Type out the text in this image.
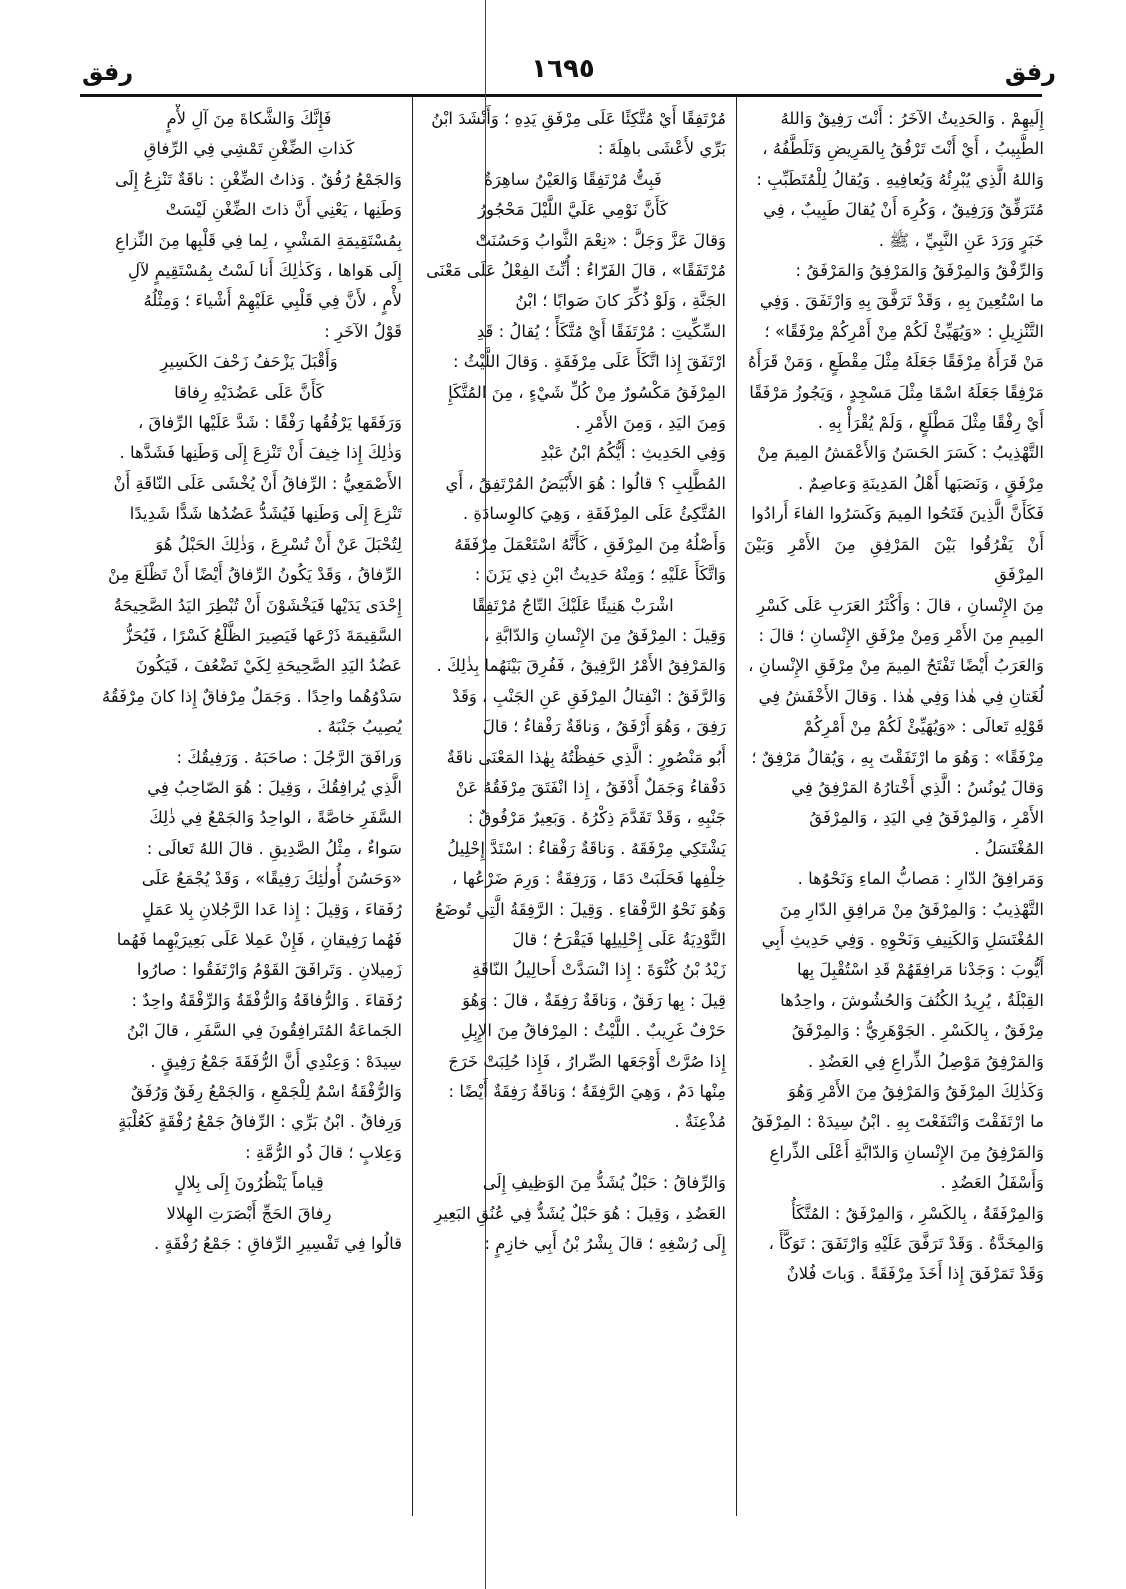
رفق
١٦٩٥
رفق

إِلَيهِمْ . وَالحَدِيثُ الآخَرُ : أَنْتَ رَفِيقٌ وَاللهُ

الطَّبِيبُ ، أَيْ أَنْتَ تَرْفُقُ بِالمَرِيضِ وَتَلَطَّفُهُ ،

وَاللهُ الَّذِي يُبْرِئُهُ وَيُعافِيهِ . وَيُقالُ لِلْمُتَطَبِّبِ :

مُتَرَفِّقٌ وَرَفِيقٌ ، وَكُرِهَ أَنْ يُقالَ طَبِيبٌ ، فِي

خَبَرٍ وَرَدَ عَنِ النَّبِيِّ ، ﷺ .

وَالرِّفْقُ وَالمِرْفَقُ وَالمَرْفِقُ وَالمَرْفَقُ :

ما اسْتُعِينَ بِهِ ، وَقَدْ تَرَفَّقَ بِهِ وَارْتَفَقَ . وَفِي

التَّنْزِيلِ : «وَيُهَيِّئْ لَكُمْ مِنْ أَمْرِكُمْ مِرْفَقًا» ؛

مَنْ قَرَأَهُ مِرْفَقًا جَعَلَهُ مِثْلَ مِقْطَعٍ ، وَمَنْ قَرَأَهُ

مَرْفِقًا جَعَلَهُ اسْمًا مِثْلَ مَسْجِدٍ ، وَيَجُوزُ مَرْفَقًا

أَيْ رِفْقًا مِثْلَ مَطْلَعٍ ، وَلَمْ يُقْرَأْ بِهِ .

التَّهْذِيبُ : كَسَرَ الحَسَنُ وَالأَعْمَشُ المِيمَ مِنْ

مِرْفَقٍ ، وَنَصَبَها أَهْلُ المَدِينَةِ وَعاصِمٌ .

فَكَأَنَّ الَّذِينَ فَتَحُوا المِيمَ وَكَسَرُوا الفاءَ أَرادُوا

أَنْ يَفْرُقُوا بَيْنَ المَرْفِقِ مِنَ الأَمْرِ وَبَيْنَ المِرْفَقِ

مِنَ الإِنْسانِ ، قالَ : وَأَكْثَرُ العَرَبِ عَلَى كَسْرِ

المِيمِ مِنَ الأَمْرِ وَمِنْ مِرْفَقِ الإِنْسانِ ؛ قالَ :

وَالعَرَبُ أَيْضًا تَفْتَحُ المِيمَ مِنْ مِرْفَقِ الإِنْسانِ ،

لُغَتانِ فِي هٰذا وَفِي هٰذا . وَقالَ الأَخْفَشُ فِي

قَوْلِهِ تَعالَى : «وَيُهَيِّئْ لَكُمْ مِنْ أَمْرِكُمْ

مِرْفَقًا» : وَهُوَ ما ارْتَفَقْتَ بِهِ ، وَيُقالُ مَرْفِقٌ ؛

وَقالَ يُونُسُ : الَّذِي أَخْتارُهُ المَرْفِقُ فِي

الأَمْرِ ، وَالمِرْفَقُ فِي اليَدِ ، وَالمِرْفَقُ

المُغْتَسَلُ .

وَمَرافِقُ الدّارِ : مَصابُّ الماءِ وَنَحْوُها .

التَّهْذِيبُ : وَالمِرْفَقُ مِنْ مَرافِقِ الدّارِ مِنَ

المُغْتَسَلِ وَالكَنِيفِ وَنَحْوِهِ . وَفِي حَدِيثِ أَبِي

أَيُّوبَ : وَجَدْنا مَرافِقَهُمْ قَدِ اسْتُقْبِلَ بِها

القِبْلَةُ ، يُرِيدُ الكُنُفَ وَالحُشُوشَ ، واحِدُها

مِرْفَقٌ ، بِالكَسْرِ . الجَوْهَرِيُّ : وَالمِرْفَقُ

وَالمَرْفِقُ مَوْصِلُ الذِّراعِ فِي العَضُدِ .

وَكَذٰلِكَ المِرْفَقُ وَالمَرْفِقُ مِنَ الأَمْرِ وَهُوَ

ما ارْتَفَقْتَ وَانْتَفَعْتَ بِهِ . ابْنُ سِيدَهْ : المِرْفَقُ

وَالمَرْفِقُ مِنَ الإِنْسانِ وَالدّابَّةِ أَعْلَى الذِّراعِ

وَأَسْفَلُ العَضُدِ .

وَالمِرْفَقَةُ ، بِالكَسْرِ ، وَالمِرْفَقُ : المُتَّكَأُ

وَالمِخَدَّةُ . وَقَدْ تَرَفَّقَ عَلَيْهِ وَارْتَفَقَ : تَوَكَّأَ ،

وَقَدْ تَمَرْفَقَ إِذا أَخَذَ مِرْفَقَةً . وَباتَ فُلانٌ

مُرْتَفِقًا أَيْ مُتَّكِئًا عَلَى مِرْفَقِ يَدِهِ ؛ وَأَنْشَدَ ابْنُ

بَرِّي لأَعْشَى باهِلَةَ :

فَبِتُّ مُرْتَفِقًا وَالعَيْنُ ساهِرَةٌ

كَأَنَّ نَوْمِي عَلَيَّ اللَّيْلَ مَحْجُورُ

وَقالَ عَزَّ وَجَلَّ : «نِعْمَ الثَّوابُ وَحَسُنَتْ

مُرْتَفَقًا» ، قالَ الفَرّاءُ : أُنِّثَ الفِعْلُ عَلَى مَعْنَى

الجَنَّةِ ، وَلَوْ ذُكِّرَ كانَ صَوابًا ؛ ابْنُ

السِّكِّيتِ : مُرْتَفَقًا أَيْ مُتَّكَأً ؛ يُقالُ : قَدِ

ارْتَفَقَ إِذا اتَّكَأَ عَلَى مِرْفَقَةٍ . وَقالَ اللَّيْثُ :

المِرْفَقُ مَكْسُورٌ مِنْ كُلِّ شَيْءٍ ، مِنَ المُتَّكَإِ

وَمِنَ اليَدِ ، وَمِنَ الأَمْرِ .

وَفِي الحَدِيثِ : أَيُّكُمُ ابْنُ عَبْدِ

المُطَّلِبِ ؟ قالُوا : هُوَ الأَبْيَضُ المُرْتَفِقُ ، أَي

المُتَّكِئُ عَلَى المِرْفَقَةِ ، وَهِيَ كالوِسادَةِ .

وَأَصْلُهُ مِنَ المِرْفَقِ ، كَأَنَّهُ اسْتَعْمَلَ مِرْفَقَهُ

وَاتَّكَأَ عَلَيْهِ ؛ وَمِنْهُ حَدِيثُ ابْنِ ذِي يَزَنَ :

اشْرَبْ هَنِيئًا عَلَيْكَ التّاجُ مُرْتَفِقًا

وَقِيلَ : المِرْفَقُ مِنَ الإِنْسانِ وَالدّابَّةِ ،

وَالمَرْفِقُ الأَمْرُ الرَّفِيقُ ، فَفُرِقَ بَيْنَهُما بِذٰلِكَ .

وَالرَّفَقُ : انْفِتالُ المِرْفَقِ عَنِ الجَنْبِ ، وَقَدْ

رَفِقَ ، وَهُوَ أَرْفَقُ ، وَناقَةٌ رَفْقاءُ ؛ قالَ

أَبُو مَنْصُورٍ : الَّذِي حَفِظْتُهُ بِهٰذا المَعْنَى ناقَةٌ

دَفْقاءُ وَجَمَلٌ أَدْفَقُ ، إِذا انْفَتَقَ مِرْفَقُهُ عَنْ

جَنْبِهِ ، وَقَدْ تَقَدَّمَ ذِكْرُهُ . وَبَعِيرٌ مَرْفُوقٌ :

يَشْتَكِي مِرْفَقَهُ . وَناقَةٌ رَفْقاءُ : اسْتَدَّ إِحْلِيلُ

خِلْفِها فَحَلَبَتْ دَمًا ، وَرَفِقَةٌ : وَرِمَ ضَرْعُها ،

وَهُوَ نَحْوُ الرَّفْقاءِ . وَقِيلَ : الرَّفِقَةُ الَّتِي تُوضَعُ

التَّوْدِيَةُ عَلَى إِحْلِيلِها فَيَقْرَحُ ؛ قالَ

زَيْدُ بْنُ كُثْوَةَ : إِذا انْسَدَّتْ أَحالِيلُ النّاقَةِ

قِيلَ : بِها رَفَقٌ ، وَناقَةٌ رَفِقَةٌ ، قالَ : وَهُوَ

حَرْفٌ غَرِيبٌ . اللَّيْثُ : المِرْفاقُ مِنَ الإِبِلِ

إِذا صُرَّتْ أَوْجَعَها الصِّرارُ ، فَإِذا حُلِبَتْ خَرَجَ

مِنْها دَمٌ ، وَهِيَ الرَّفِقَةُ ؛ وَناقَةٌ رَفِقَةٌ أَيْضًا :

مُذْعِنَةٌ .

وَالرِّفاقُ : حَبْلٌ يُشَدُّ مِنَ الوَظِيفِ إِلَى

العَضُدِ ، وَقِيلَ : هُوَ حَبْلٌ يُشَدُّ فِي عُنُقِ البَعِيرِ

إِلَى رُسْغِهِ ؛ قالَ بِشْرُ بْنُ أَبِي خازِمٍ :

فَإِنَّكَ وَالشَّكاةَ مِنَ آلِ لأْمٍ

كَذاتِ الضِّغْنِ تَمْشِي فِي الرِّفاقِ

وَالجَمْعُ رُفُقٌ . وَذاتُ الضِّغْنِ : ناقَةٌ تَنْزِعُ إِلَى

وَطَنِها ، يَعْنِي أَنَّ ذاتَ الضِّغْنِ لَيْسَتْ

بِمُسْتَقِيمَةِ المَشْيِ ، لِما فِي قَلْبِها مِنَ النِّزاعِ

إِلَى هَواها ، وَكَذٰلِكَ أَنا لَسْتُ بِمُسْتَقِيمٍ لآلِ

لأْمٍ ، لأَنَّ فِي قَلْبِي عَلَيْهِمْ أَشْياءَ ؛ وَمِثْلُهُ

قَوْلُ الآخَرِ :

وَأَقْبَلَ يَزْحَفُ زَحْفَ الكَسِيرِ

كَأَنَّ عَلَى عَضُدَيْهِ رِفاقا

وَرَفَقَها يَرْفُقُها رَفْقًا : شَدَّ عَلَيْها الرِّفاقَ ،

وَذٰلِكَ إِذا خِيفَ أَنْ تَنْزِعَ إِلَى وَطَنِها فَشَدَّها .

الأَصْمَعِيُّ : الرِّفاقُ أَنْ يُخْشَى عَلَى النّاقَةِ أَنْ

تَنْزِعَ إِلَى وَطَنِها فَيُشَدُّ عَضُدُها شَدًّا شَدِيدًا

لِتُحْبَلَ عَنْ أَنْ تُسْرِعَ ، وَذٰلِكَ الحَبْلُ هُوَ

الرِّفاقُ ، وَقَدْ يَكُونُ الرِّفاقُ أَيْضًا أَنْ تَظْلَعَ مِنْ

إِحْدَى يَدَيْها فَيَخْشَوْنَ أَنْ تُبْطِرَ اليَدُ الصَّحِيحَةُ

السَّقِيمَةَ ذَرْعَها فَيَصِيرَ الظَّلْعُ كَسْرًا ، فَيُحَزُّ

عَضُدُ اليَدِ الصَّحِيحَةِ لِكَيْ تَضْعُفَ ، فَيَكُونَ

سَدْوُهُما واحِدًا . وَجَمَلٌ مِرْفاقٌ إِذا كانَ مِرْفَقُهُ

يُصِيبُ جَنْبَهُ .

وَرافَقَ الرَّجُلَ : صاحَبَهُ . وَرَفِيقُكَ :

الَّذِي يُرافِقُكَ ، وَقِيلَ : هُوَ الصّاحِبُ فِي

السَّفَرِ خاصَّةً ، الواحِدُ وَالجَمْعُ فِي ذٰلِكَ

سَواءٌ ، مِثْلُ الصَّدِيقِ . قالَ اللهُ تَعالَى :

«وَحَسُنَ أُولٰئِكَ رَفِيقًا» ، وَقَدْ يُجْمَعُ عَلَى

رُفَقاءَ ، وَقِيلَ : إِذا عَدا الرَّجُلانِ بِلا عَمَلٍ

فَهُما رَفِيقانِ ، فَإِنْ عَمِلا عَلَى بَعِيرَيْهِما فَهُما

زَمِيلانِ . وَتَرافَقَ القَوْمُ وَارْتَفَقُوا : صارُوا

رُفَقاءَ . وَالرُّفاقَةُ وَالرُّفْقَةُ وَالرِّفْقَةُ واحِدٌ :

الجَماعَةُ المُتَرافِقُونَ فِي السَّفَرِ ، قالَ ابْنُ

سِيدَهْ : وَعِنْدِي أَنَّ الرُّفَقَةَ جَمْعُ رَفِيقٍ .

وَالرُّفْقَةُ اسْمٌ لِلْجَمْعِ ، وَالجَمْعُ رِفَقٌ وَرُفَقٌ

وَرِفاقٌ . ابْنُ بَرِّي : الرِّفاقُ جَمْعُ رُفْقَةٍ كَعُلْبَةٍ

وَعِلابٍ ؛ قالَ ذُو الرُّمَّةِ :

قِياماً يَنْظُرُونَ إِلَى بِلالٍ

رِفاقَ الحَجِّ أَبْصَرَتِ الهِلالا

قالُوا فِي تَفْسِيرِ الرِّفاقِ : جَمْعُ رُفْقَةٍ .
